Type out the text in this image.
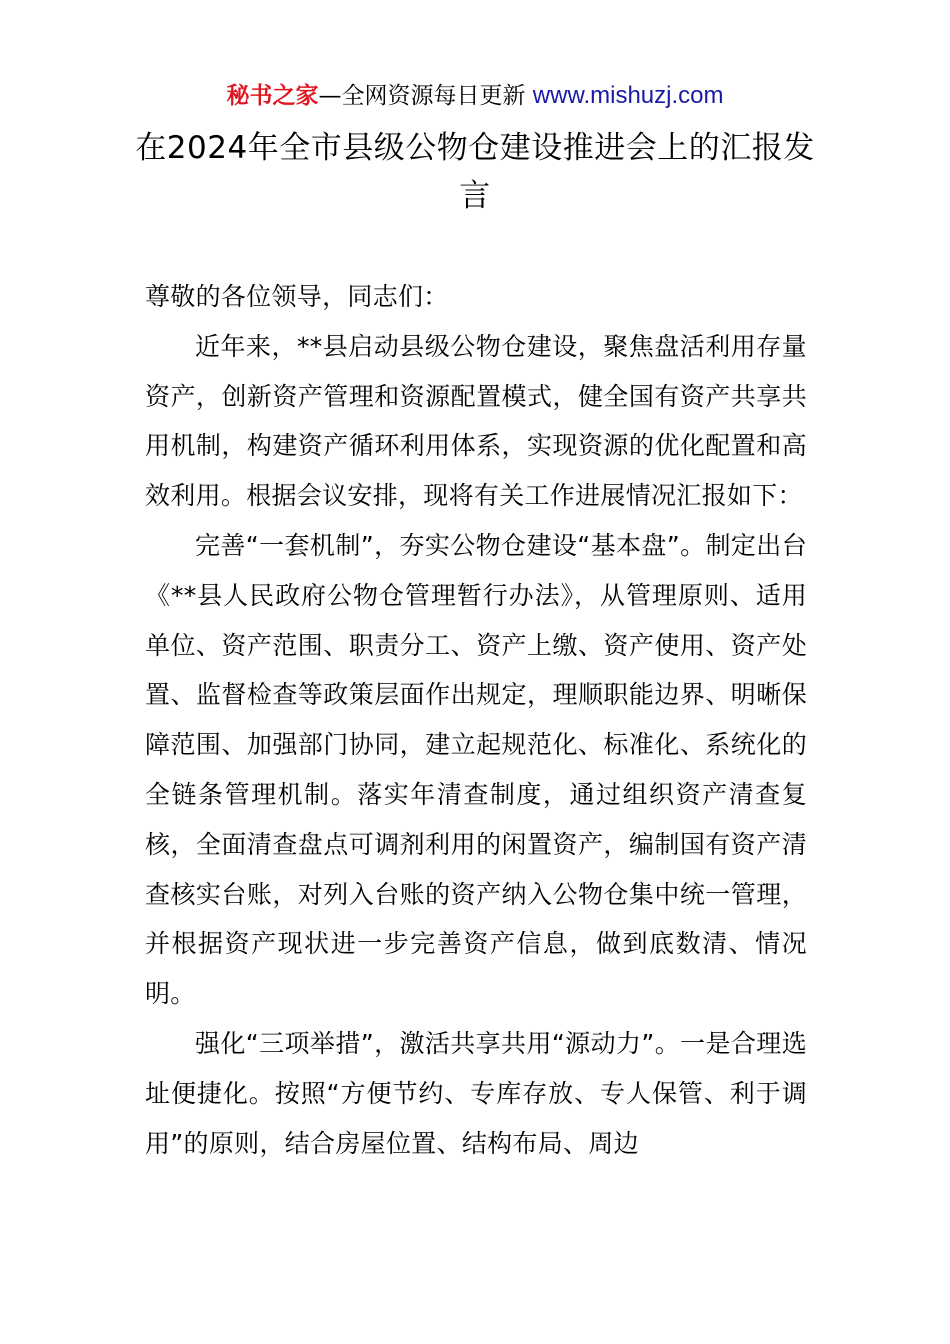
秘书之家—全网资源每日更新 www.mishuzj.com
在2024年全市县级公物仓建设推进会上的汇报发言

尊敬的各位领导，同志们：

近年来，**县启动县级公物仓建设，聚焦盘活利用存量资产，创新资产管理和资源配置模式，健全国有资产共享共用机制，构建资产循环利用体系，实现资源的优化配置和高效利用。根据会议安排，现将有关工作进展情况汇报如下：

完善“一套机制”，夯实公物仓建设“基本盘”。制定出台《**县人民政府公物仓管理暂行办法》，从管理原则、适用单位、资产范围、职责分工、资产上缴、资产使用、资产处置、监督检查等政策层面作出规定，理顺职能边界、明晰保障范围、加强部门协同，建立起规范化、标准化、系统化的全链条管理机制。落实年清查制度，通过组织资产清查复核，全面清查盘点可调剂利用的闲置资产，编制国有资产清查核实台账，对列入台账的资产纳入公物仓集中统一管理，并根据资产现状进一步完善资产信息，做到底数清、情况明。

强化“三项举措”，激活共享共用“源动力”。一是合理选址便捷化。按照“方便节约、专库存放、专人保管、利于调用”的原则，结合房屋位置、结构布局、周边
